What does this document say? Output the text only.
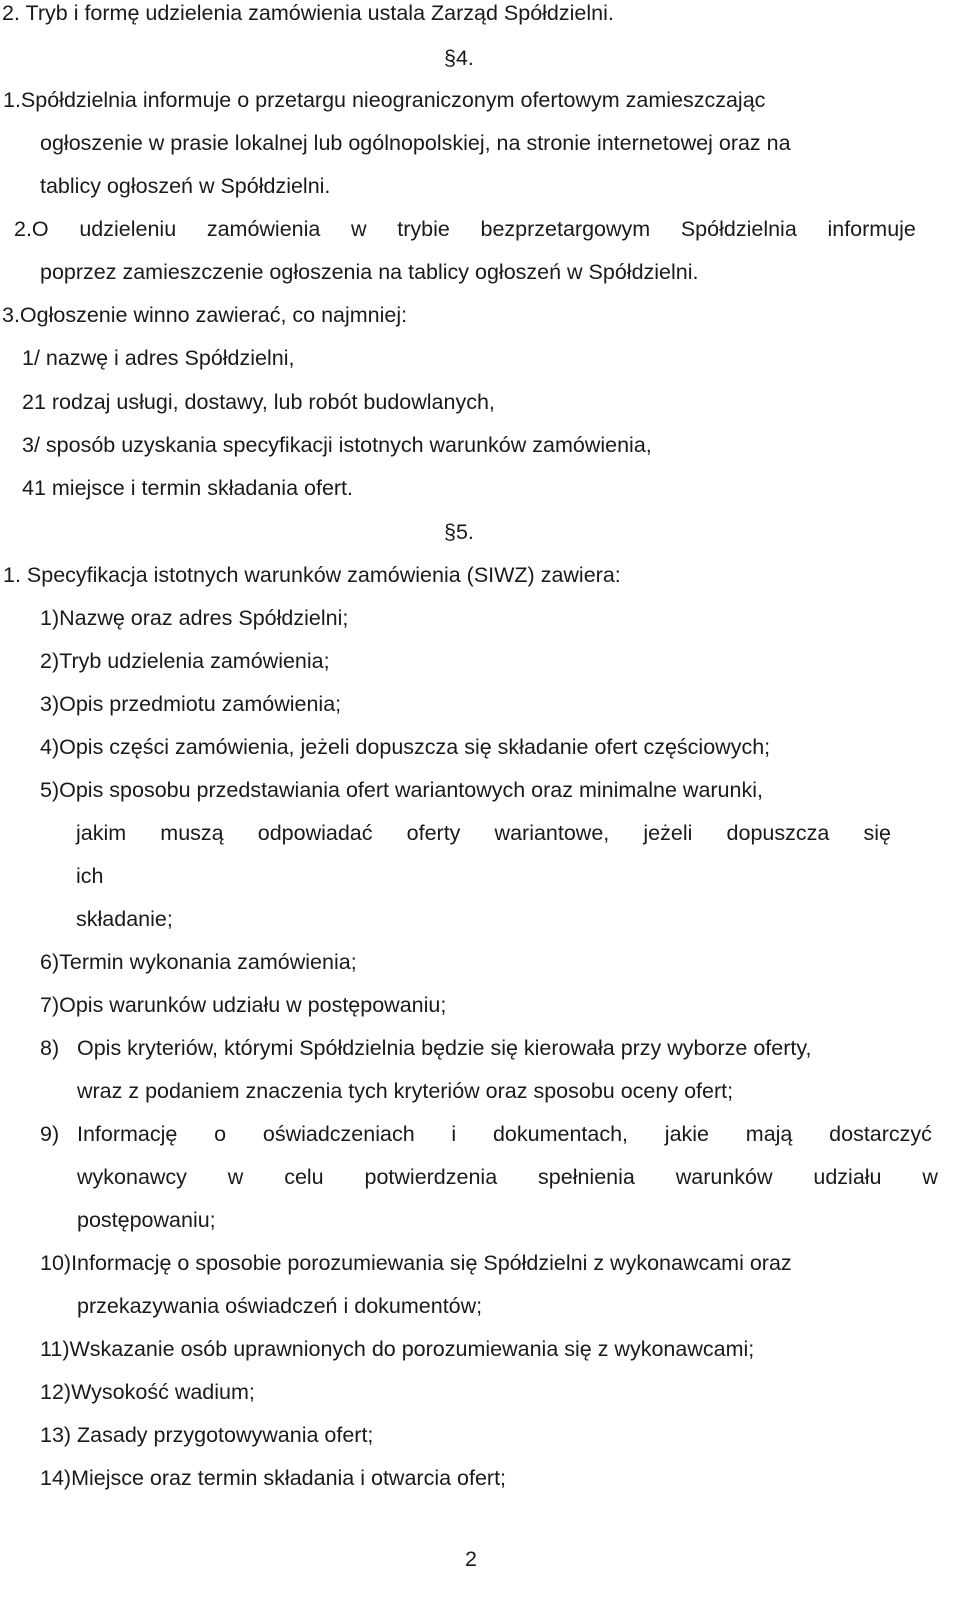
2. Tryb i formę udzielenia zamówienia ustala Zarząd Spółdzielni.
§4.
1.Spółdzielnia informuje o przetargu nieograniczonym ofertowym zamieszczając
ogłoszenie w prasie lokalnej lub ogólnopolskiej, na stronie internetowej oraz na
tablicy ogłoszeń w Spółdzielni.
2.O udzieleniu zamówienia w trybie bezprzetargowym Spółdzielnia informuje
poprzez zamieszczenie ogłoszenia na tablicy ogłoszeń w Spółdzielni.
3.Ogłoszenie winno zawierać, co najmniej:
1/ nazwę i adres Spółdzielni,
21 rodzaj usługi, dostawy, lub robót budowlanych,
3/ sposób uzyskania specyfikacji istotnych warunków zamówienia,
41 miejsce i termin składania ofert.
§5.
1. Specyfikacja istotnych warunków zamówienia (SIWZ) zawiera:
1)Nazwę oraz adres Spółdzielni;
2)Tryb udzielenia zamówienia;
3)Opis przedmiotu zamówienia;
4)Opis części zamówienia, jeżeli dopuszcza się składanie ofert częściowych;
5)Opis sposobu przedstawiania ofert wariantowych oraz minimalne warunki,
jakim muszą odpowiadać oferty wariantowe, jeżeli dopuszcza się
ich
składanie;
6)Termin wykonania zamówienia;
7)Opis warunków udziału w postępowaniu;
8) Opis kryteriów, którymi Spółdzielnia będzie się kierowała przy wyborze oferty,
wraz z podaniem znaczenia tych kryteriów oraz sposobu oceny ofert;
9) Informację o oświadczeniach i dokumentach, jakie mają dostarczyć
wykonawcy w celu potwierdzenia spełnienia warunków udziału w
postępowaniu;
10)Informację o sposobie porozumiewania się Spółdzielni z wykonawcami oraz
przekazywania oświadczeń i dokumentów;
11)Wskazanie osób uprawnionych do porozumiewania się z wykonawcami;
12)Wysokość wadium;
13) Zasady przygotowywania ofert;
14)Miejsce oraz termin składania i otwarcia ofert;
2
